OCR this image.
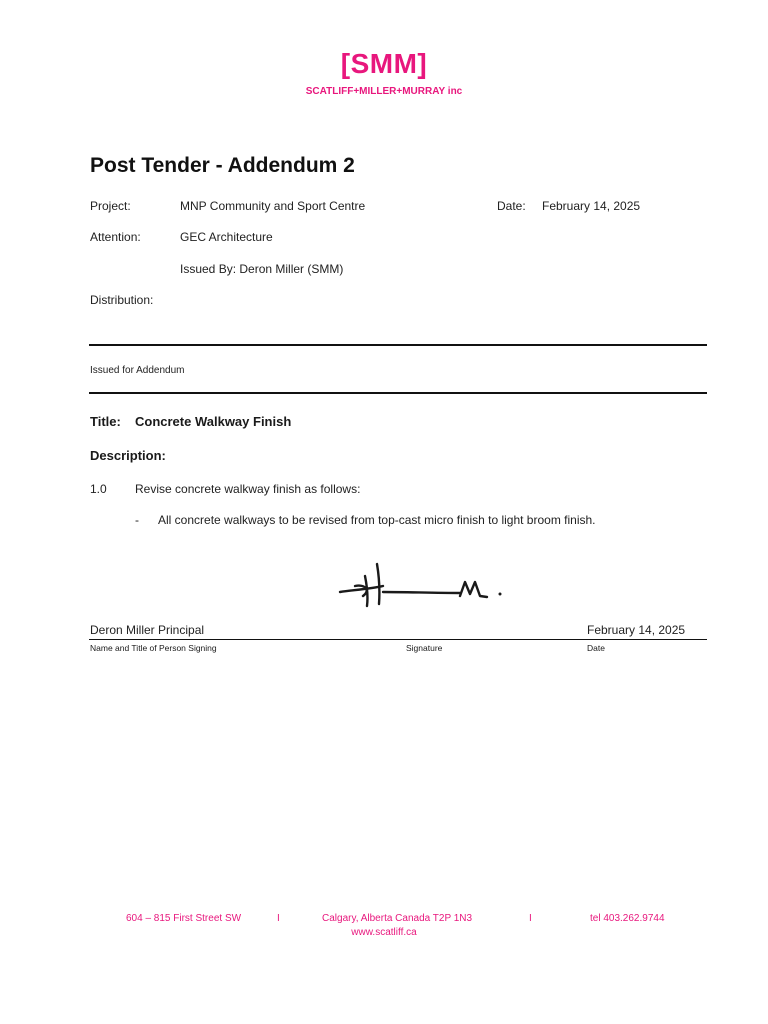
[SMM]
SCATLIFF+MILLER+MURRAY inc
Post Tender - Addendum 2
Project:	MNP Community and Sport Centre	Date: February 14, 2025
Attention:	GEC Architecture
Issued By: Deron Miller (SMM)
Distribution:
Issued for Addendum
Title: Concrete Walkway Finish
Description:
1.0 Revise concrete walkway finish as follows:
- All concrete walkways to be revised from top-cast micro finish to light broom finish.
Deron Miller Principal	February 14, 2025
Name and Title of Person Signing	Signature	Date
604 – 815 First Street SW	I	Calgary, Alberta Canada T2P 1N3	I	tel 403.262.9744
www.scatliff.ca
